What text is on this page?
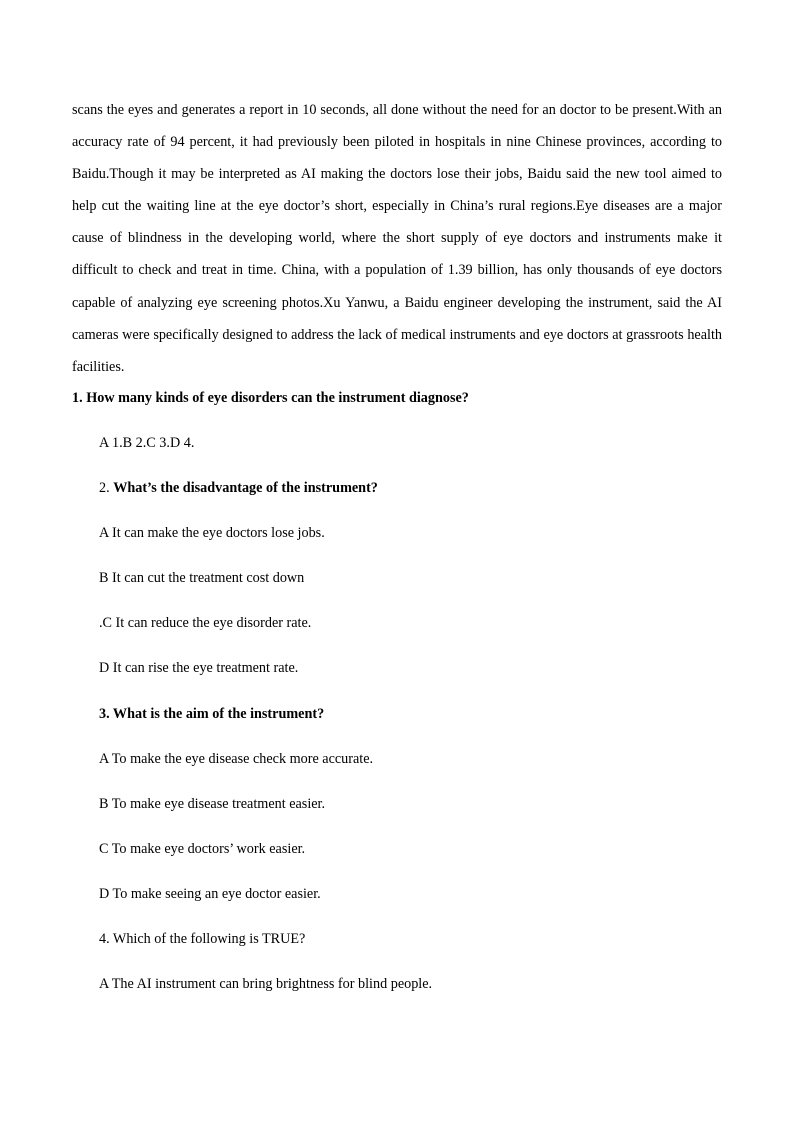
scans the eyes and generates a report in 10 seconds, all done without the need for an doctor to be present.With an accuracy rate of 94 percent, it had previously been piloted in hospitals in nine Chinese provinces, according to Baidu.Though it may be interpreted as AI making the doctors lose their jobs, Baidu said the new tool aimed to help cut the waiting line at the eye doctor’s short, especially in China’s rural regions.Eye diseases are a major cause of blindness in the developing world, where the short supply of eye doctors and instruments make it difficult to check and treat in time. China, with a population of 1.39 billion, has only thousands of eye doctors capable of analyzing eye screening photos.Xu Yanwu, a Baidu engineer developing the instrument, said the AI cameras were specifically designed to address the lack of medical instruments and eye doctors at grassroots health facilities.

1. How many kinds of eye disorders can the instrument diagnose?

A 1.B 2.C 3.D 4.

2. What’s the disadvantage of the instrument?

A It can make the eye doctors lose jobs.

B It can cut the treatment cost down

.C It can reduce the eye disorder rate.

D It can rise the eye treatment rate.

3. What is the aim of the instrument?

A To make the eye disease check more accurate.

B To make eye disease treatment easier.

C To make eye doctors’ work easier.

D To make seeing an eye doctor easier.

4. Which of the following is TRUE?

A The AI instrument can bring brightness for blind people.
